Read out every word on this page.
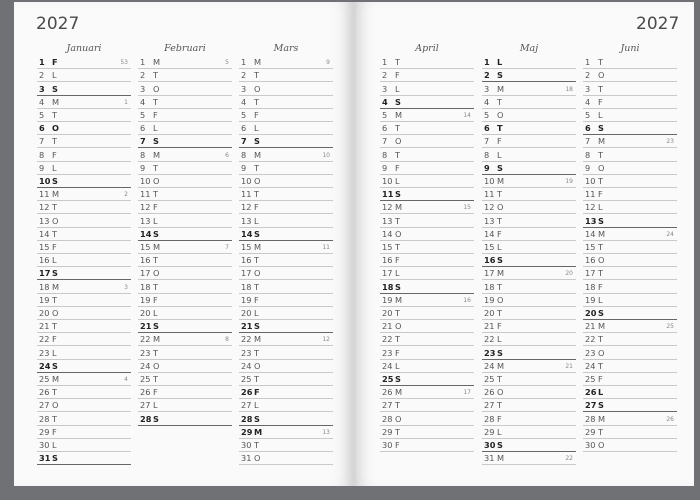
2027	2027
Januari
1 F	53
2 L
3 S
4 M	1
5 T
6 O
7 T
8 F
9 L
10 S
11 M	2
12 T
13 O
14 T
15 F
16 L
17 S
18 M	3
19 T
20 O
21 T
22 F
23 L
24 S
25 M	4
26 T
27 O
28 T
29 F
30 L
31 S
Februari
1 M	5
2 T
3 O
4 T
5 F
6 L
7 S
8 M	6
9 T
10 O
11 T
12 F
13 L
14 S
15 M	7
16 T
17 O
18 T
19 F
20 L
21 S
22 M	8
23 T
24 O
25 T
26 F
27 L
28 S
Mars
1 M	9
2 T
3 O
4 T
5 F
6 L
7 S
8 M	10
9 T
10 O
11 T
12 F
13 L
14 S
15 M	11
16 T
17 O
18 T
19 F
20 L
21 S
22 M	12
23 T
24 O
25 T
26 F
27 L
28 S
29 M	13
30 T
31 O
April
1 T
2 F
3 L
4 S
5 M	14
6 T
7 O
8 T
9 F
10 L
11 S
12 M	15
13 T
14 O
15 T
16 F
17 L
18 S
19 M	16
20 T
21 O
22 T
23 F
24 L
25 S
26 M	17
27 T
28 O
29 T
30 F
Maj
1 L
2 S
3 M	18
4 T
5 O
6 T
7 F
8 L
9 S
10 M	19
11 T
12 O
13 T
14 F
15 L
16 S
17 M	20
18 T
19 O
20 T
21 F
22 L
23 S
24 M	21
25 T
26 O
27 T
28 F
29 L
30 S
31 M	22
Juni
1 T
2 O
3 T
4 F
5 L
6 S
7 M	23
8 T
9 O
10 T
11 F
12 L
13 S
14 M	24
15 T
16 O
17 T
18 F
19 L
20 S
21 M	25
22 T
23 O
24 T
25 F
26 L
27 S
28 M	26
29 T
30 O
